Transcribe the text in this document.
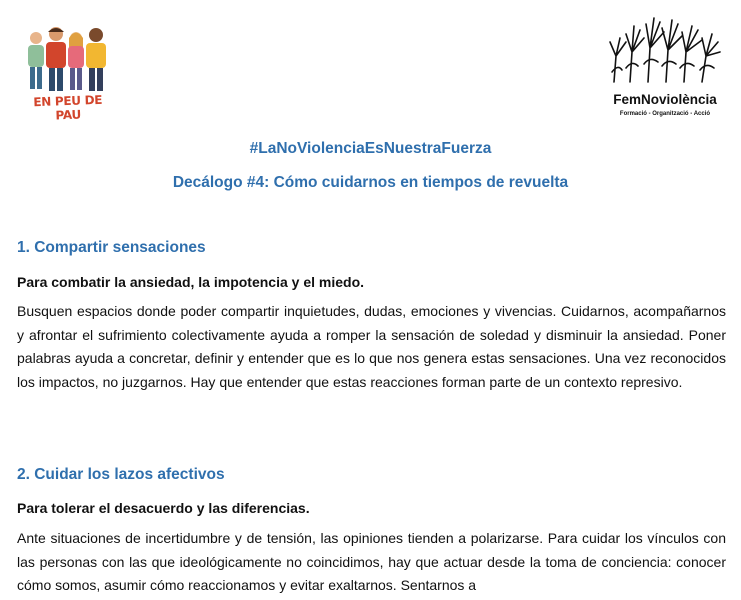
EN PEU DE PAU
FemNoviolència
Formació - Organització - Acció
#LaNoViolenciaEsNuestraFuerza
Decálogo #4: Cómo cuidarnos en tiempos de revuelta
1. Compartir sensaciones
Para combatir la ansiedad, la impotencia y el miedo.
Busquen espacios donde poder compartir inquietudes, dudas, emociones y vivencias. Cuidarnos, acompañarnos y afrontar el sufrimiento colectivamente ayuda a romper la sensación de soledad y disminuir la ansiedad. Poner palabras ayuda a concretar, definir y entender que es lo que nos genera estas sensaciones. Una vez reconocidos los impactos, no juzgarnos. Hay que entender que estas reacciones forman parte de un contexto represivo.
2. Cuidar los lazos afectivos
Para tolerar el desacuerdo y las diferencias.
Ante situaciones de incertidumbre y de tensión, las opiniones tienden a polarizarse. Para cuidar los vínculos con las personas con las que ideológicamente no coincidimos, hay que actuar desde la toma de conciencia: conocer cómo somos, asumir cómo reaccionamos y evitar exaltarnos. Sentarnos a
